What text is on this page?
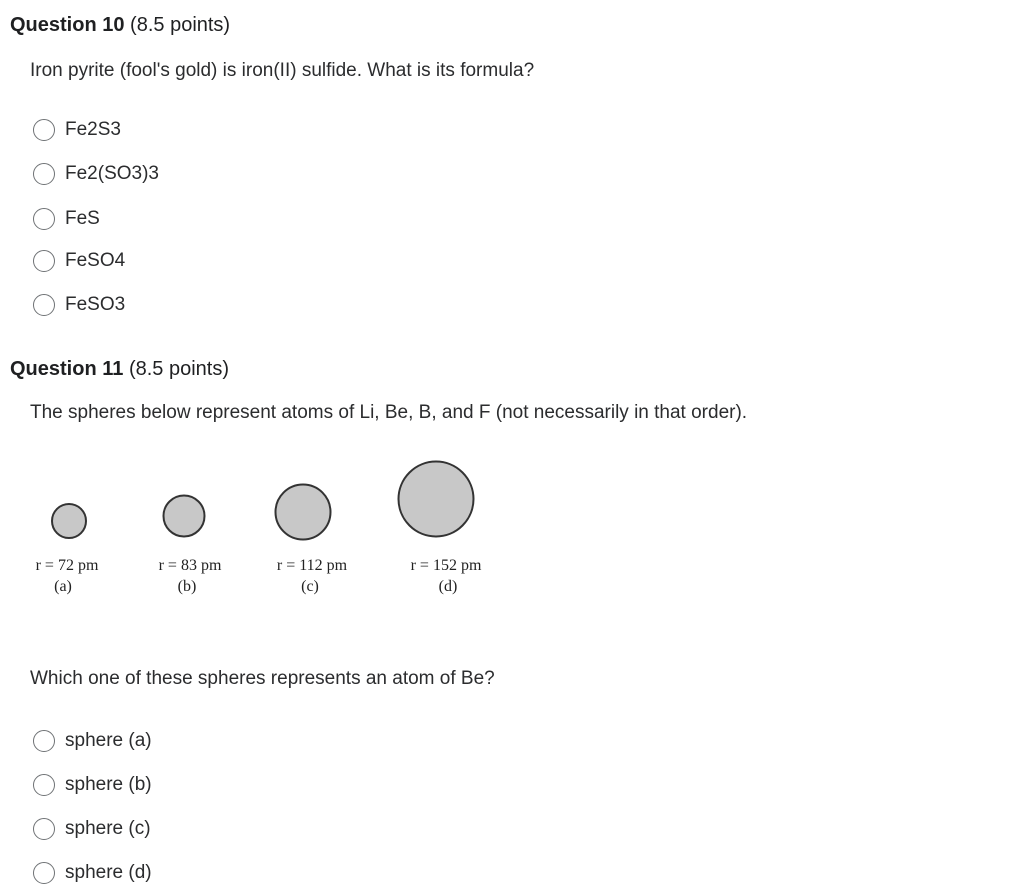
Question 10 (8.5 points)
Iron pyrite (fool's gold) is iron(II) sulfide. What is its formula?
Fe2S3
Fe2(SO3)3
FeS
FeSO4
FeSO3
Question 11 (8.5 points)
The spheres below represent atoms of Li, Be, B, and F (not necessarily in that order).
r = 72 pm
(a)
r = 83 pm
(b)
r = 112 pm
(c)
r = 152 pm
(d)
Which one of these spheres represents an atom of Be?
sphere (a)
sphere (b)
sphere (c)
sphere (d)
